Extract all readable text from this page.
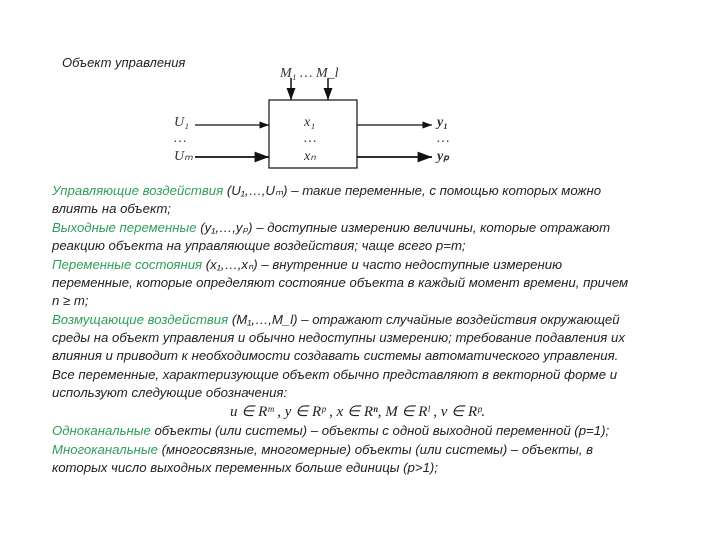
Объект управления
M₁ … M_l
U₁
…
Uₘ
x₁
…
xₙ
y₁
…
yₚ

Управляющие воздействия (U₁,…,Uₘ) – такие переменные, с помощью которых можно влиять на объект;

Выходные переменные (y₁,…,yₚ) – доступные измерению величины, которые отражают реакцию объекта на управляющие воздействия; чаще всего p=m;

Переменные состояния (x₁,…,xₙ) – внутренние и часто недоступные измерению переменные, которые определяют состояние объекта в каждый момент времени, причем n ≥ m;

Возмущающие воздействия (M₁,…,M_l) – отражают случайные воздействия окружающей среды на объект управления и обычно недоступны измерению; требование подавления их влияния и приводит к необходимости создавать системы автоматического управления.

Все переменные, характеризующие объект обычно представляют в векторной форме и используют следующие обозначения:

u ∈ Rᵐ , y ∈ Rᵖ , x ∈ Rⁿ, M ∈ Rˡ , v ∈ Rᵖ.

Одноканальные объекты (или системы) – объекты с одной выходной переменной (p=1);

Многоканальные (многосвязные, многомерные) объекты (или системы) – объекты, в которых число выходных переменных больше единицы (p>1);
